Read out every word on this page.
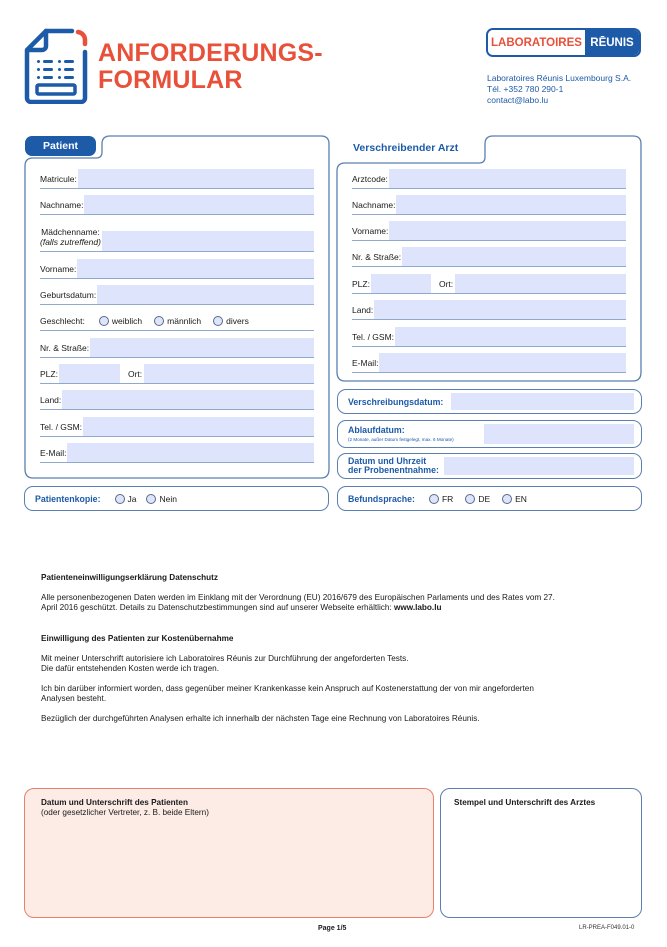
ANFORDERUNGS-
FORMULAR
LABORATOIRES RĒUNIS
Laboratoires Réunis Luxembourg S.A.
Tél. +352 780 290-1
contact@labo.lu
Patient
Matricule:
Nachname:
Mädchenname:
(falls zutreffend)
Vorname:
Geburtsdatum:
Geschlecht:	weiblich	männlich	divers
Nr. & Straße:
PLZ:	Ort:
Land:
Tel. / GSM:
E-Mail:
Patientenkopie:	Ja	Nein
Verschreibender Arzt
Arztcode:
Nachname:
Vorname:
Nr. & Straße:
PLZ:	Ort:
Land:
Tel. / GSM:
E-Mail:
Verschreibungsdatum:
Ablaufdatum:
(2 Monate, außer Datum festgelegt, max. 6 Monate)
Datum und Uhrzeit
der Probenentnahme:
Befundsprache:	FR	DE	EN
Patienteneinwilligungserklärung Datenschutz
Alle personenbezogenen Daten werden im Einklang mit der Verordnung (EU) 2016/679 des Europäischen Parlaments und des Rates vom 27.
April 2016 geschützt. Details zu Datenschutzbestimmungen sind auf unserer Webseite erhältlich: www.labo.lu
Einwilligung des Patienten zur Kostenübernahme
Mit meiner Unterschrift autorisiere ich Laboratoires Réunis zur Durchführung der angeforderten Tests.
Die dafür entstehenden Kosten werde ich tragen.
Ich bin darüber informiert worden, dass gegenüber meiner Krankenkasse kein Anspruch auf Kostenerstattung der von mir angeforderten
Analysen besteht.
Bezüglich der durchgeführten Analysen erhalte ich innerhalb der nächsten Tage eine Rechnung von Laboratoires Réunis.
Datum und Unterschrift des Patienten
(oder gesetzlicher Vertreter, z. B. beide Eltern)
Stempel und Unterschrift des Arztes
Page 1/5	LR-PREA-F049.01-0
